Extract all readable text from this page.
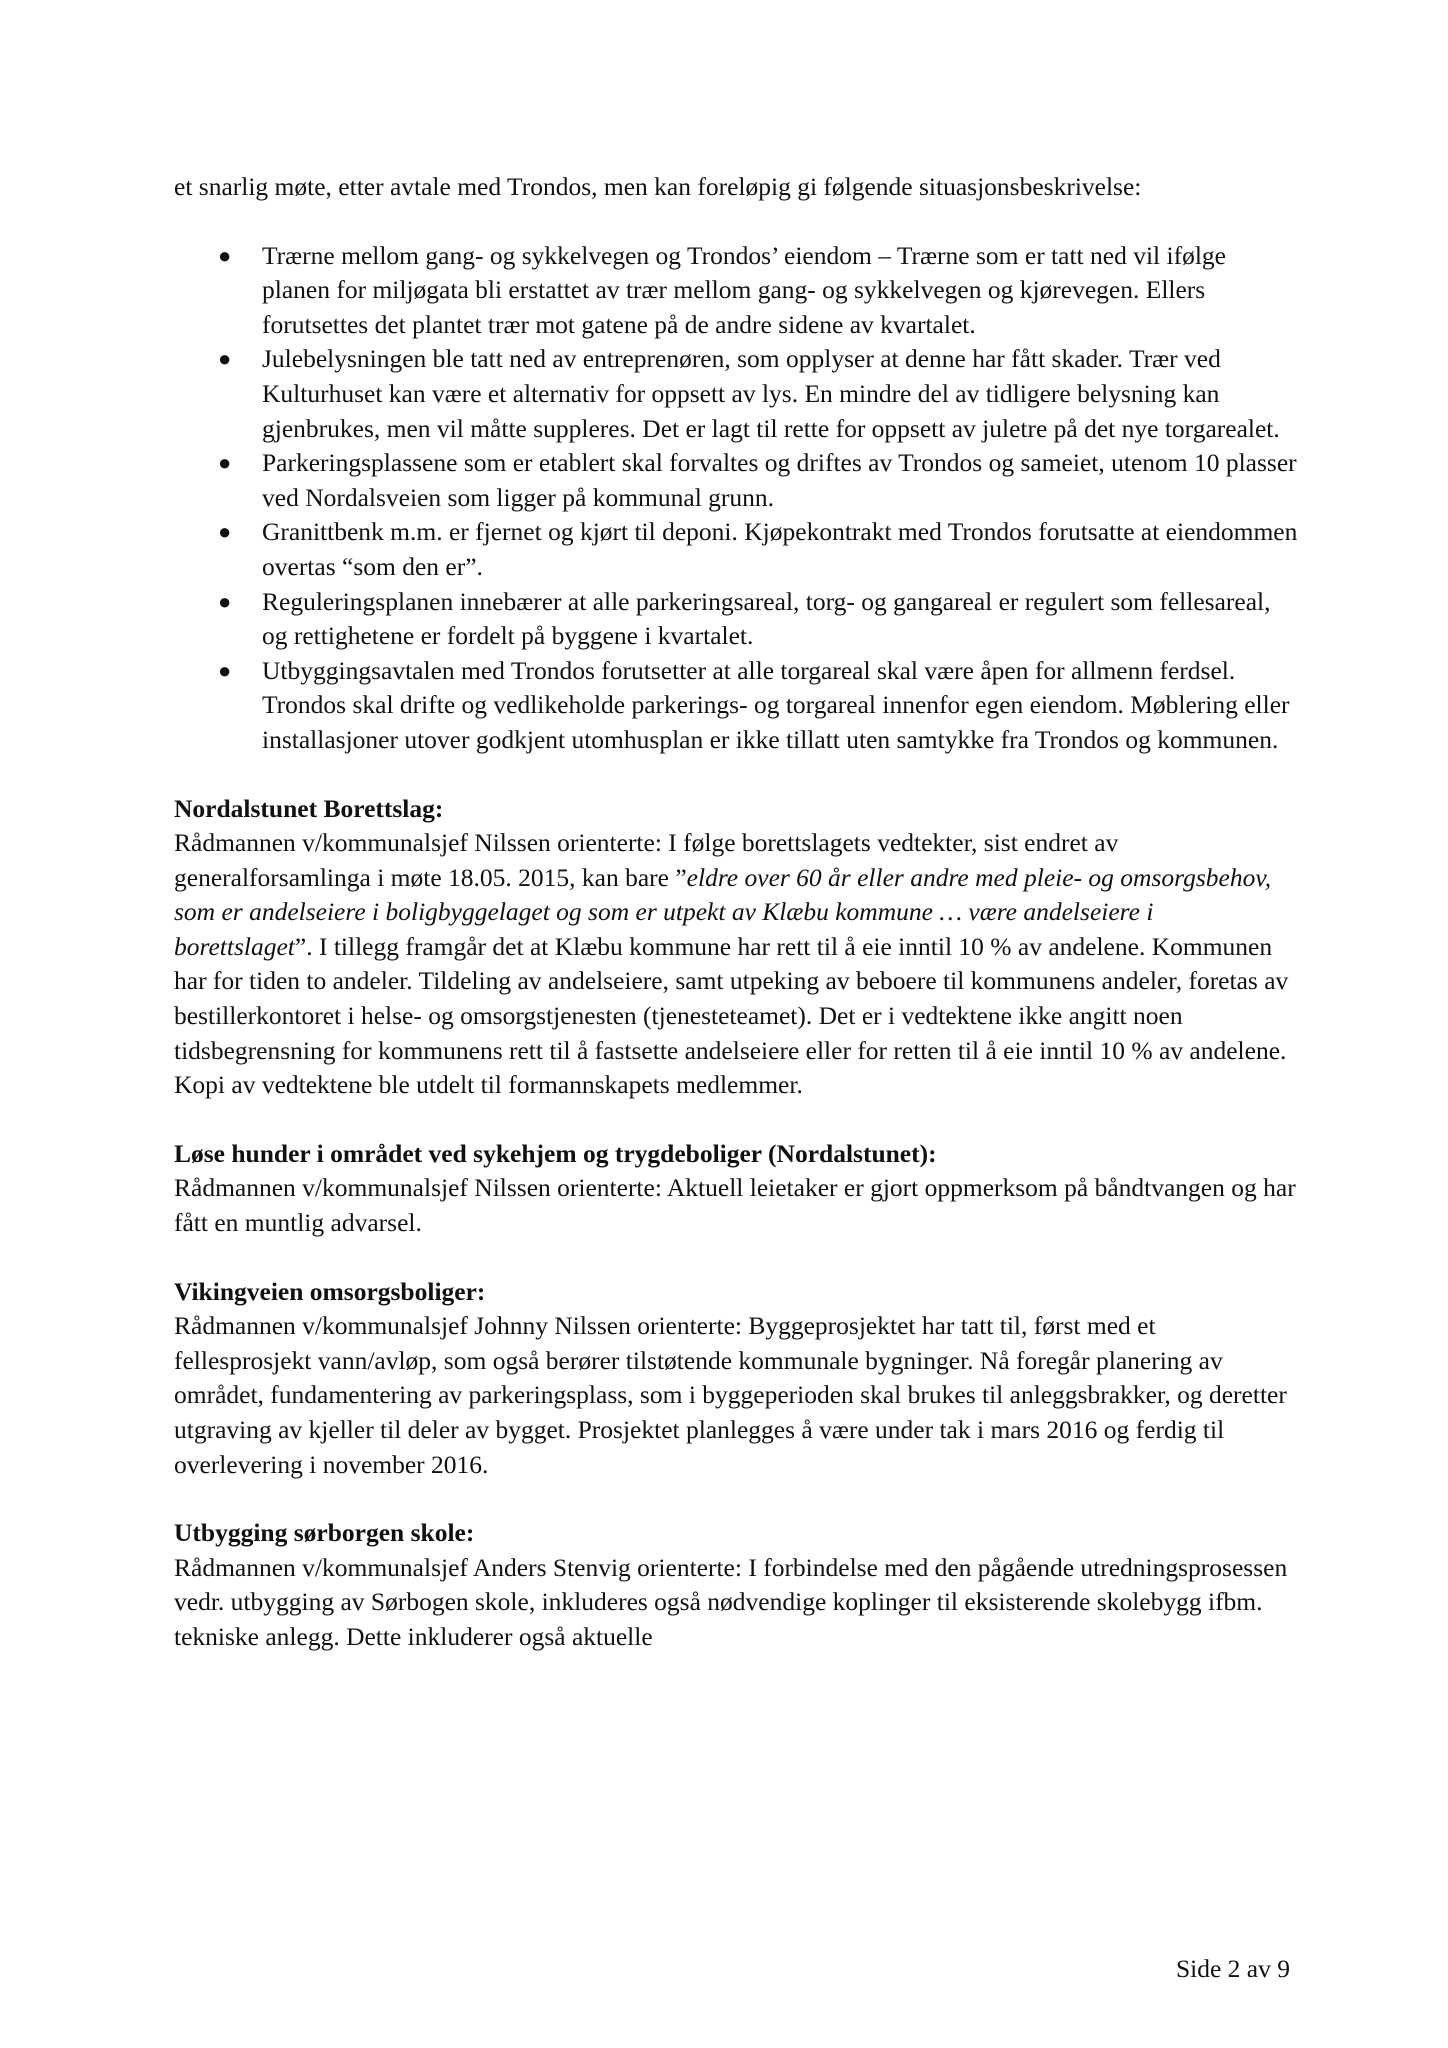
et snarlig møte, etter avtale med Trondos, men kan foreløpig gi følgende situasjonsbeskrivelse:

● Trærne mellom gang- og sykkelvegen og Trondos’ eiendom – Trærne som er tatt ned vil ifølge planen for miljøgata bli erstattet av trær mellom gang- og sykkelvegen og kjørevegen. Ellers forutsettes det plantet trær mot gatene på de andre sidene av kvartalet.
● Julebelysningen ble tatt ned av entreprenøren, som opplyser at denne har fått skader. Trær ved Kulturhuset kan være et alternativ for oppsett av lys. En mindre del av tidligere belysning kan gjenbrukes, men vil måtte suppleres. Det er lagt til rette for oppsett av juletre på det nye torgarealet.
● Parkeringsplassene som er etablert skal forvaltes og driftes av Trondos og sameiet, utenom 10 plasser ved Nordalsveien som ligger på kommunal grunn.
● Granittbenk m.m. er fjernet og kjørt til deponi. Kjøpekontrakt med Trondos forutsatte at eiendommen overtas “som den er”.
● Reguleringsplanen innebærer at alle parkeringsareal, torg- og gangareal er regulert som fellesareal, og rettighetene er fordelt på byggene i kvartalet.
● Utbyggingsavtalen med Trondos forutsetter at alle torgareal skal være åpen for allmenn ferdsel. Trondos skal drifte og vedlikeholde parkerings- og torgareal innenfor egen eiendom. Møblering eller installasjoner utover godkjent utomhusplan er ikke tillatt uten samtykke fra Trondos og kommunen.
Nordalstunet Borettslag:

Rådmannen v/kommunalsjef Nilssen orienterte: I følge borettslagets vedtekter, sist endret av generalforsamlinga i møte 18.05. 2015, kan bare ”eldre over 60 år eller andre med pleie- og omsorgsbehov, som er andelseiere i boligbyggelaget og som er utpekt av Klæbu kommune … være andelseiere i borettslaget”. I tillegg framgår det at Klæbu kommune har rett til å eie inntil 10 % av andelene. Kommunen har for tiden to andeler. Tildeling av andelseiere, samt utpeking av beboere til kommunens andeler, foretas av bestillerkontoret i helse- og omsorgstjenesten (tjenesteteamet). Det er i vedtektene ikke angitt noen tidsbegrensning for kommunens rett til å fastsette andelseiere eller for retten til å eie inntil 10 % av andelene. Kopi av vedtektene ble utdelt til formannskapets medlemmer.

Løse hunder i området ved sykehjem og trygdeboliger (Nordalstunet):

Rådmannen v/kommunalsjef Nilssen orienterte: Aktuell leietaker er gjort oppmerksom på båndtvangen og har fått en muntlig advarsel.

Vikingveien omsorgsboliger:

Rådmannen v/kommunalsjef Johnny Nilssen orienterte: Byggeprosjektet har tatt til, først med et fellesprosjekt vann/avløp, som også berører tilstøtende kommunale bygninger. Nå foregår planering av området, fundamentering av parkeringsplass, som i byggeperioden skal brukes til anleggsbrakker, og deretter utgraving av kjeller til deler av bygget. Prosjektet planlegges å være under tak i mars 2016 og ferdig til overlevering i november 2016.

Utbygging sørborgen skole:

Rådmannen v/kommunalsjef Anders Stenvig orienterte: I forbindelse med den pågående utredningsprosessen vedr. utbygging av Sørbogen skole, inkluderes også nødvendige koplinger til eksisterende skolebygg ifbm. tekniske anlegg. Dette inkluderer også aktuelle

Side 2 av 9
